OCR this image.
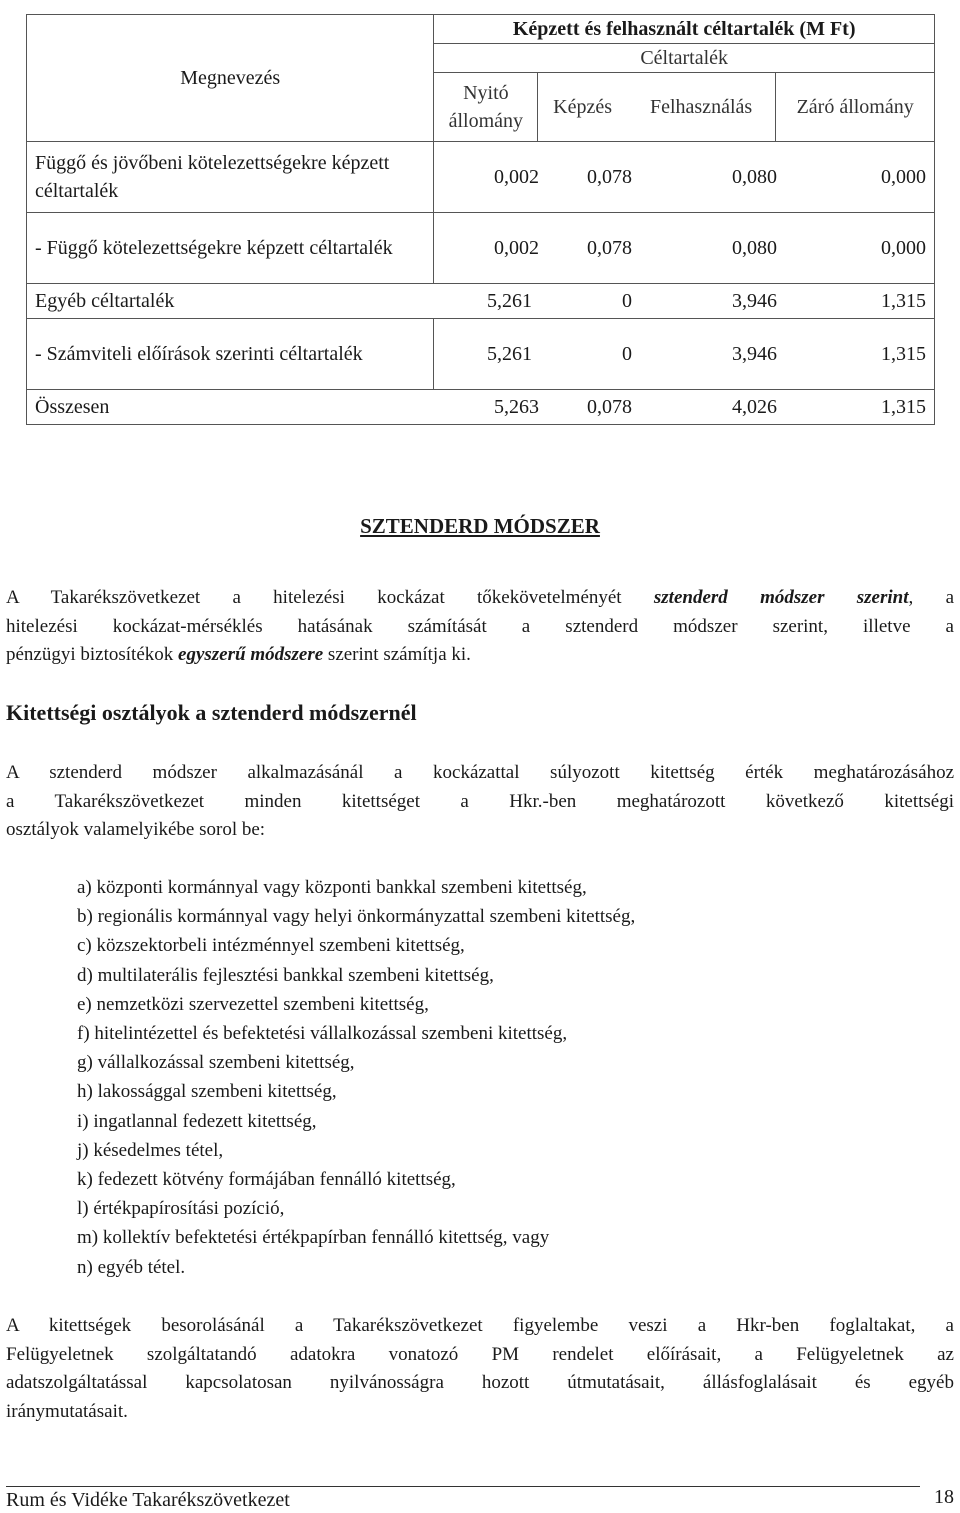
Megnevezés	Képzett és felhasznált céltartalék (M Ft)			
	Céltartalék			
	Nyitó állomány	Képzés	Felhasználás	Záró állomány
Függő és jövőbeni kötelezettségekre képzett céltartalék	0,002 0,078 0,080 0,000			
- Függő kötelezettségekre képzett céltartalék	0,002 0,078 0,080 0,000			
Egyéb céltartalék 5,261 0 3,946 1,315				

- Számviteli előírások szerinti céltartalék	5,261 0 3,946 1,315			
Összesen 5,263 0,078 4,026 1,315				
SZTENDERD MÓDSZER

A Takarékszövetkezet a hitelezési kockázat tőkekövetelményét sztenderd módszer szerint, a
hitelezési kockázat-mérséklés hatásának számítását a sztenderd módszer szerint, illetve a
pénzügyi biztosítékok egyszerű módszere szerint számítja ki.

Kitettségi osztályok a sztenderd módszernél

A sztenderd módszer alkalmazásánál a kockázattal súlyozott kitettség érték meghatározásához
a Takarékszövetkezet minden kitettséget a Hkr.-ben meghatározott következő kitettségi
osztályok valamelyikébe sorol be:

a) központi kormánnyal vagy központi bankkal szembeni kitettség,
b) regionális kormánnyal vagy helyi önkormányzattal szembeni kitettség,
c) közszektorbeli intézménnyel szembeni kitettség,
d) multilaterális fejlesztési bankkal szembeni kitettség,
e) nemzetközi szervezettel szembeni kitettség,
f) hitelintézettel és befektetési vállalkozással szembeni kitettség,
g) vállalkozással szembeni kitettség,
h) lakossággal szembeni kitettség,
i) ingatlannal fedezett kitettség,
j) késedelmes tétel,
k) fedezett kötvény formájában fennálló kitettség,
l) értékpapírosítási pozíció,
m) kollektív befektetési értékpapírban fennálló kitettség, vagy
n) egyéb tétel.

A kitettségek besorolásánál a Takarékszövetkezet figyelembe veszi a Hkr-ben foglaltakat, a
Felügyeletnek szolgáltatandó adatokra vonatozó PM rendelet előírásait, a Felügyeletnek az
adatszolgáltatással kapcsolatosan nyilvánosságra hozott útmutatásait, állásfoglalásait és egyéb
iránymutatásait.

Rum és Vidéke Takarékszövetkezet	18
